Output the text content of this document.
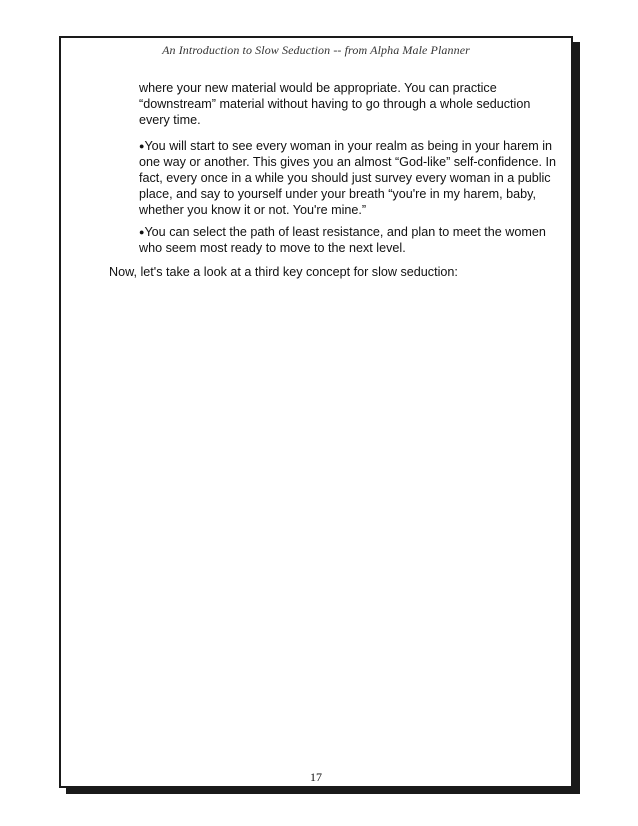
An Introduction to Slow Seduction -- from Alpha Male Planner
where your new material would be appropriate. You can practice “downstream” material without having to go through a whole seduction every time.
●You will start to see every woman in your realm as being in your harem in one way or another. This gives you an almost “God-like” self-confidence. In fact, every once in a while you should just survey every woman in a public place, and say to yourself under your breath “you're in my harem, baby, whether you know it or not. You're mine.”
●You can select the path of least resistance, and plan to meet the women who seem most ready to move to the next level.
Now, let's take a look at a third key concept for slow seduction:
17
